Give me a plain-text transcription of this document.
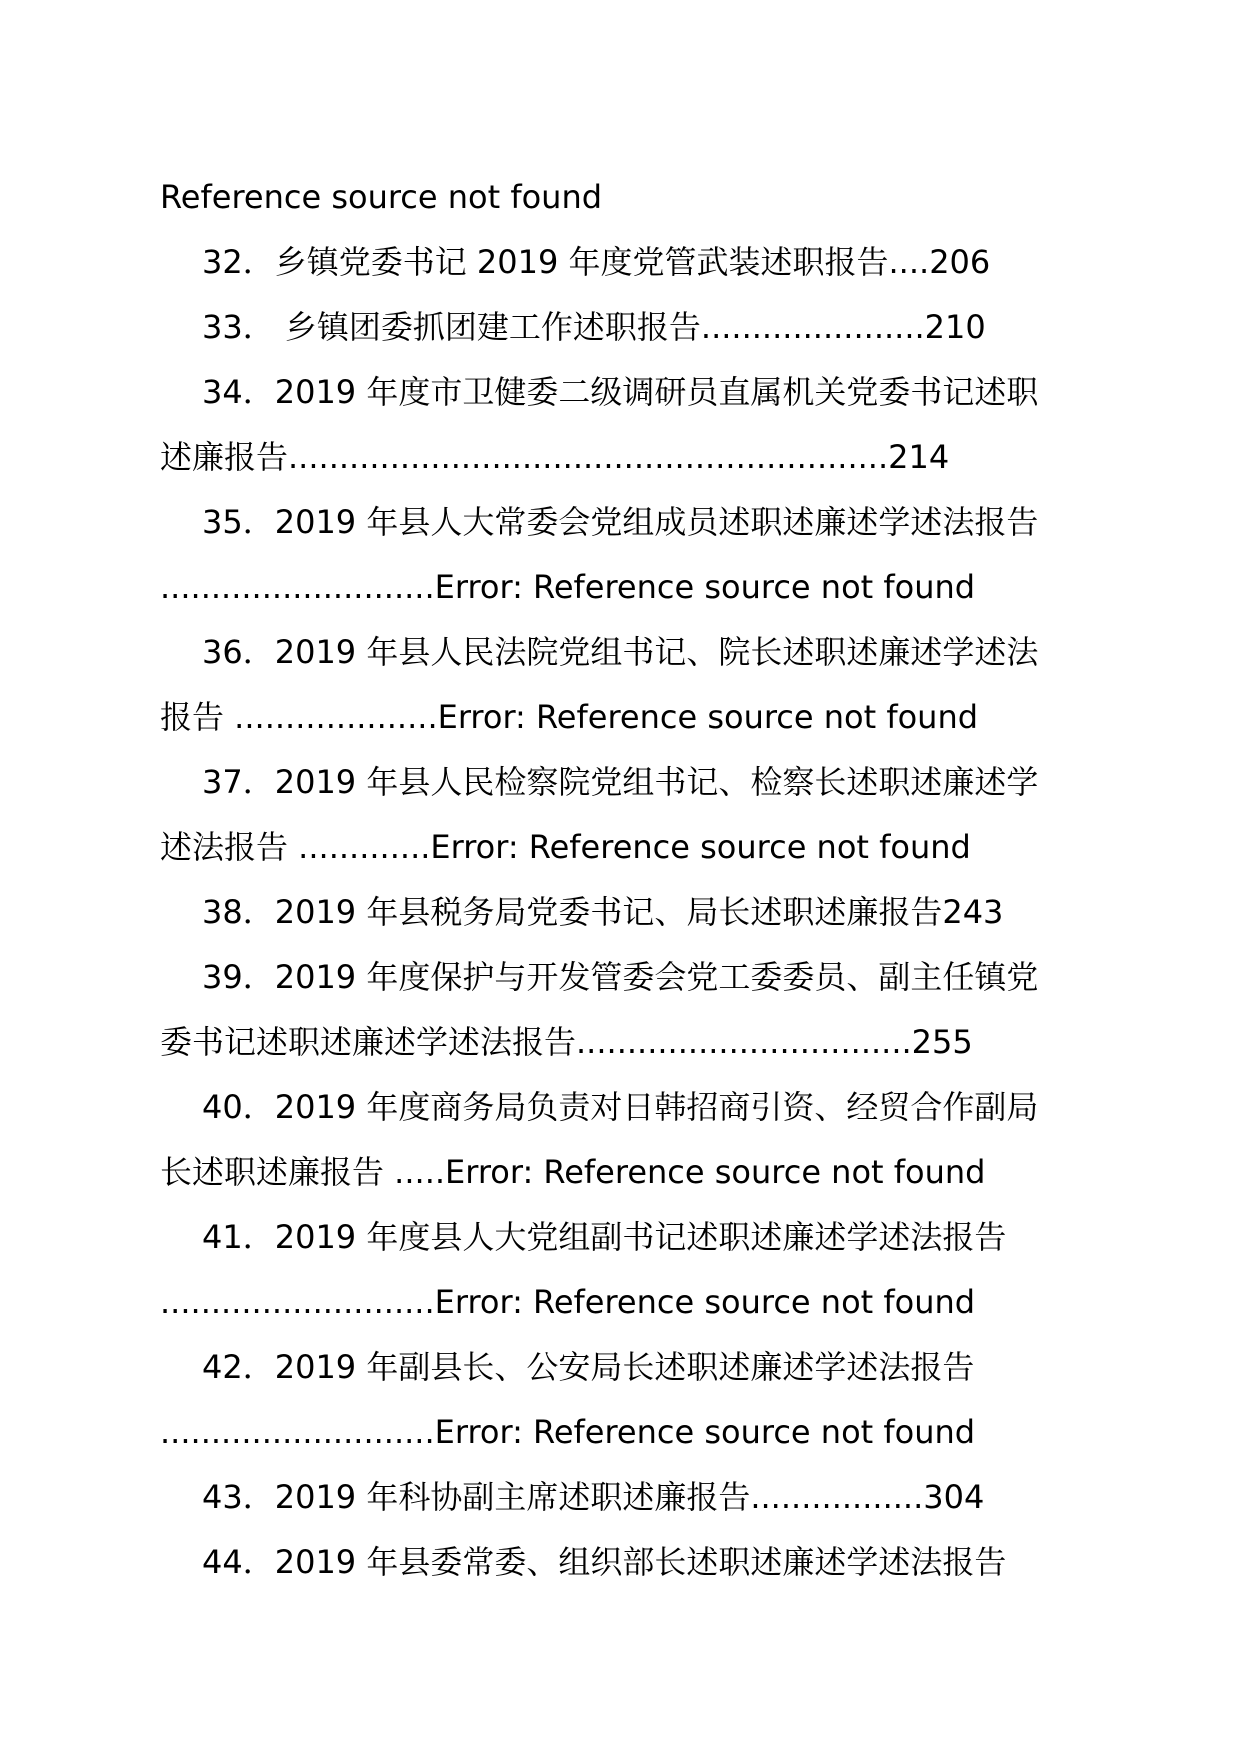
Reference source not found
32．乡镇党委书记 2019 年度党管武装述职报告....206
33． 乡镇团委抓团建工作述职报告......................210
34．2019 年度市卫健委二级调研员直属机关党委书记述职
述廉报告...........................................................214
35．2019 年县人大常委会党组成员述职述廉述学述法报告
...........................Error: Reference source not found
36．2019 年县人民法院党组书记、院长述职述廉述学述法
报告 ....................Error: Reference source not found
37．2019 年县人民检察院党组书记、检察长述职述廉述学
述法报告 .............Error: Reference source not found
38．2019 年县税务局党委书记、局长述职述廉报告243
39．2019 年度保护与开发管委会党工委委员、副主任镇党
委书记述职述廉述学述法报告.................................255
40．2019 年度商务局负责对日韩招商引资、经贸合作副局
长述职述廉报告 .....Error: Reference source not found
41．2019 年度县人大党组副书记述职述廉述学述法报告
...........................Error: Reference source not found
42．2019 年副县长、公安局长述职述廉述学述法报告
...........................Error: Reference source not found
43．2019 年科协副主席述职述廉报告.................304
44．2019 年县委常委、组织部长述职述廉述学述法报告
